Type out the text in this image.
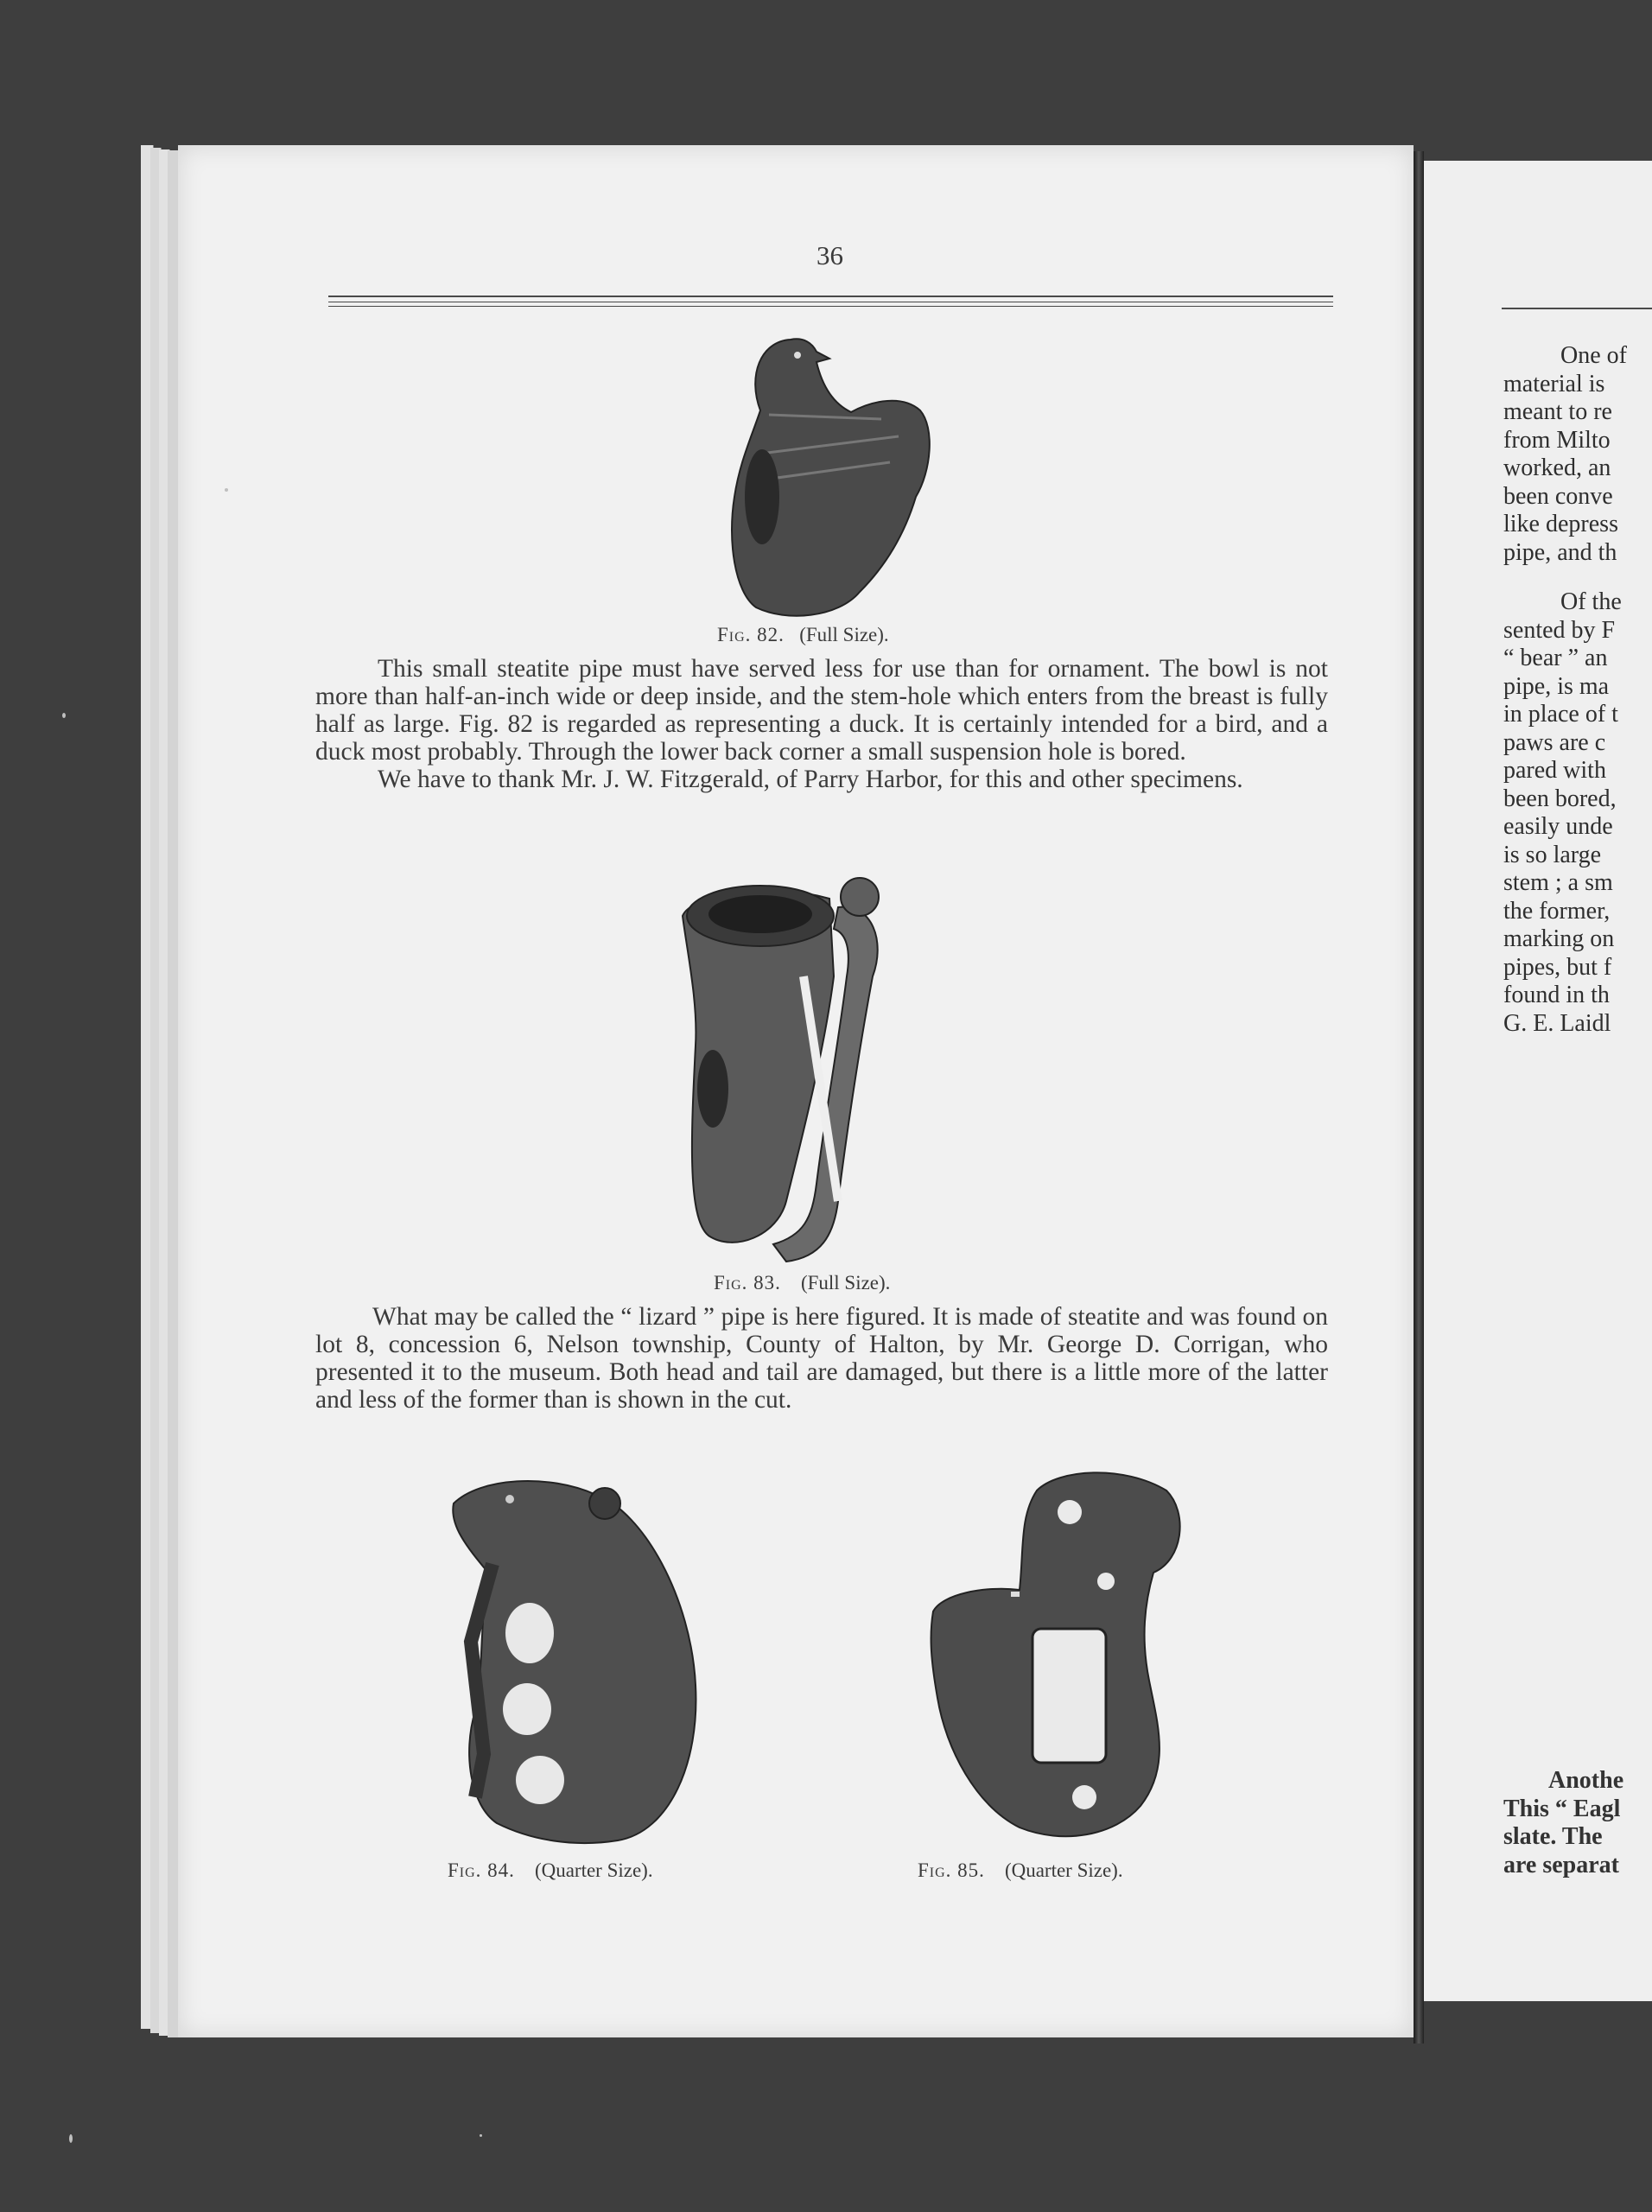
36
Fig. 82. (Full Size).

This small steatite pipe must have served less for use than for ornament. The bowl is not more than half-an-inch wide or deep inside, and the stem-hole which enters from the breast is fully half as large. Fig. 82 is regarded as representing a duck. It is certainly intended for a bird, and a duck most probably. Through the lower back corner a small suspension hole is bored.

We have to thank Mr. J. W. Fitzgerald, of Parry Harbor, for this and other specimens.

Fig. 83. (Full Size).

What may be called the “ lizard ” pipe is here figured. It is made of steatite and was found on lot 8, concession 6, Nelson township, County of Halton, by Mr. George D. Corrigan, who presented it to the museum. Both head and tail are damaged, but there is a little more of the latter and less of the former than is shown in the cut.

Fig. 84. (Quarter Size).	Fig. 85. (Quarter Size).
One of
material is
meant to re
from Milto
worked, an
been conve
like depress
pipe, and th
Of the
sented by F
“ bear ” an
pipe, is ma
in place of t
paws are c
pared with
been bored,
easily unde
is so large
stem ; a sm
the former,
marking on
pipes, but f
found in th
G. E. Laidl
Anothe
This “ Eagl
slate. The
are separat
